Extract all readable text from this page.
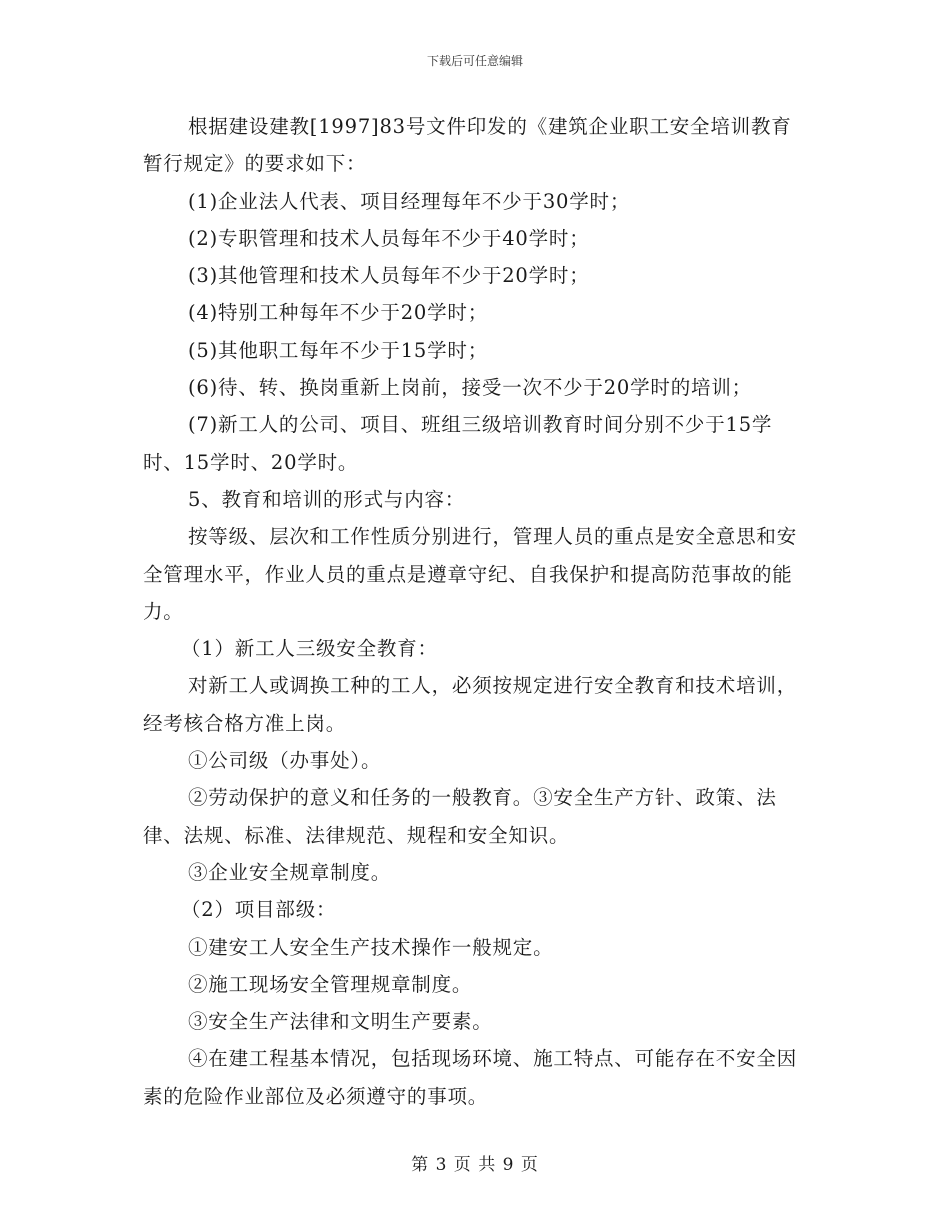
下载后可任意编辑

根据建设建教[1997]83号文件印发的《建筑企业职工安全培训教育暂行规定》的要求如下：

(1)企业法人代表、项目经理每年不少于30学时；

(2)专职管理和技术人员每年不少于40学时；

(3)其他管理和技术人员每年不少于20学时；

(4)特别工种每年不少于20学时；

(5)其他职工每年不少于15学时；

(6)待、转、换岗重新上岗前，接受一次不少于20学时的培训；

(7)新工人的公司、项目、班组三级培训教育时间分别不少于15学时、15学时、20学时。

5、教育和培训的形式与内容：

按等级、层次和工作性质分别进行，管理人员的重点是安全意思和安全管理水平，作业人员的重点是遵章守纪、自我保护和提高防范事故的能力。

（1）新工人三级安全教育：

对新工人或调换工种的工人，必须按规定进行安全教育和技术培训，经考核合格方准上岗。

①公司级（办事处）。

②劳动保护的意义和任务的一般教育。③安全生产方针、政策、法律、法规、标准、法律规范、规程和安全知识。

③企业安全规章制度。

（2）项目部级：

①建安工人安全生产技术操作一般规定。

②施工现场安全管理规章制度。

③安全生产法律和文明生产要素。

④在建工程基本情况，包括现场环境、施工特点、可能存在不安全因素的危险作业部位及必须遵守的事项。

第 3 页 共 9 页
